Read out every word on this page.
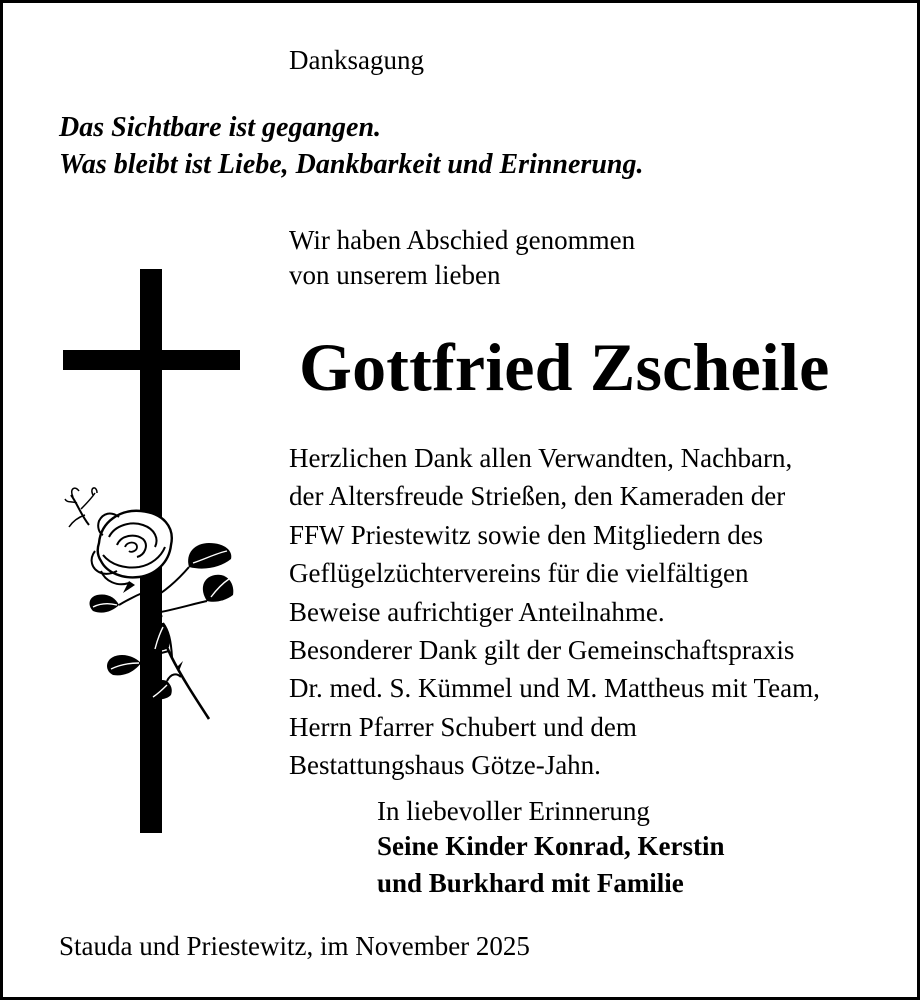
Danksagung
Das Sichtbare ist gegangen.
Was bleibt ist Liebe, Dankbarkeit und Erinnerung.
Wir haben Abschied genommen
von unserem lieben
Gottfried Zscheile
Herzlichen Dank allen Verwandten, Nachbarn,
der Altersfreude Strießen, den Kameraden der
FFW Priestewitz sowie den Mitgliedern des
Geflügelzüchtervereins für die vielfältigen
Beweise aufrichtiger Anteilnahme.
Besonderer Dank gilt der Gemeinschaftspraxis
Dr. med. S. Kümmel und M. Mattheus mit Team,
Herrn Pfarrer Schubert und dem
Bestattungshaus Götze-Jahn.
In liebevoller Erinnerung
Seine Kinder Konrad, Kerstin
und Burkhard mit Familie
Stauda und Priestewitz, im November 2025
